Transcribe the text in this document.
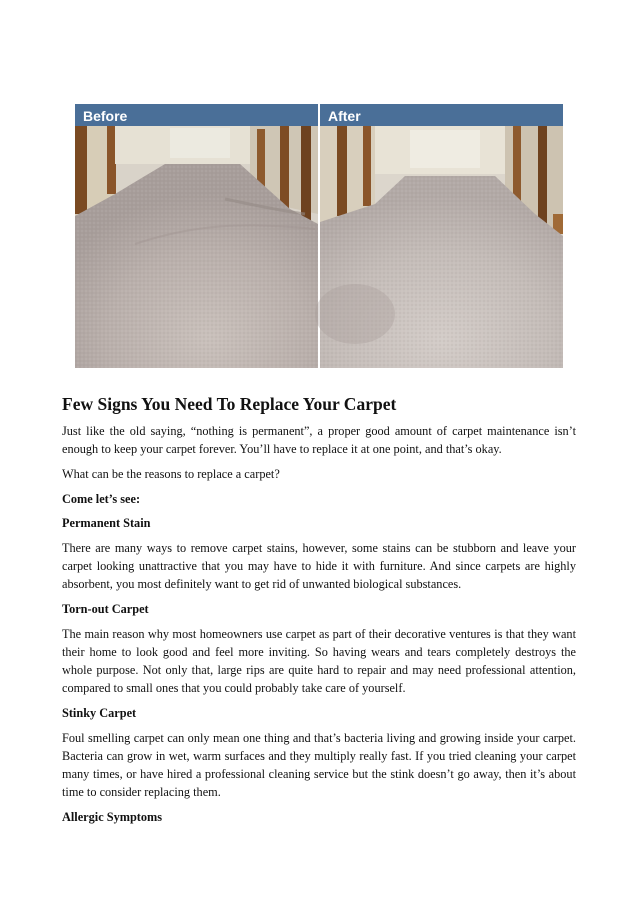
Before	After
Few Signs You Need To Replace Your Carpet

Just like the old saying, “nothing is permanent”, a proper good amount of carpet maintenance isn’t enough to keep your carpet forever. You’ll have to replace it at one point, and that’s okay.

What can be the reasons to replace a carpet?

Come let’s see:

Permanent Stain

There are many ways to remove carpet stains, however, some stains can be stubborn and leave your carpet looking unattractive that you may have to hide it with furniture. And since carpets are highly absorbent, you most definitely want to get rid of unwanted biological substances.

Torn-out Carpet

The main reason why most homeowners use carpet as part of their decorative ventures is that they want their home to look good and feel more inviting. So having wears and tears completely destroys the whole purpose. Not only that, large rips are quite hard to repair and may need professional attention, compared to small ones that you could probably take care of yourself.

Stinky Carpet

Foul smelling carpet can only mean one thing and that’s bacteria living and growing inside your carpet. Bacteria can grow in wet, warm surfaces and they multiply really fast. If you tried cleaning your carpet many times, or have hired a professional cleaning service but the stink doesn’t go away, then it’s about time to consider replacing them.

Allergic Symptoms
